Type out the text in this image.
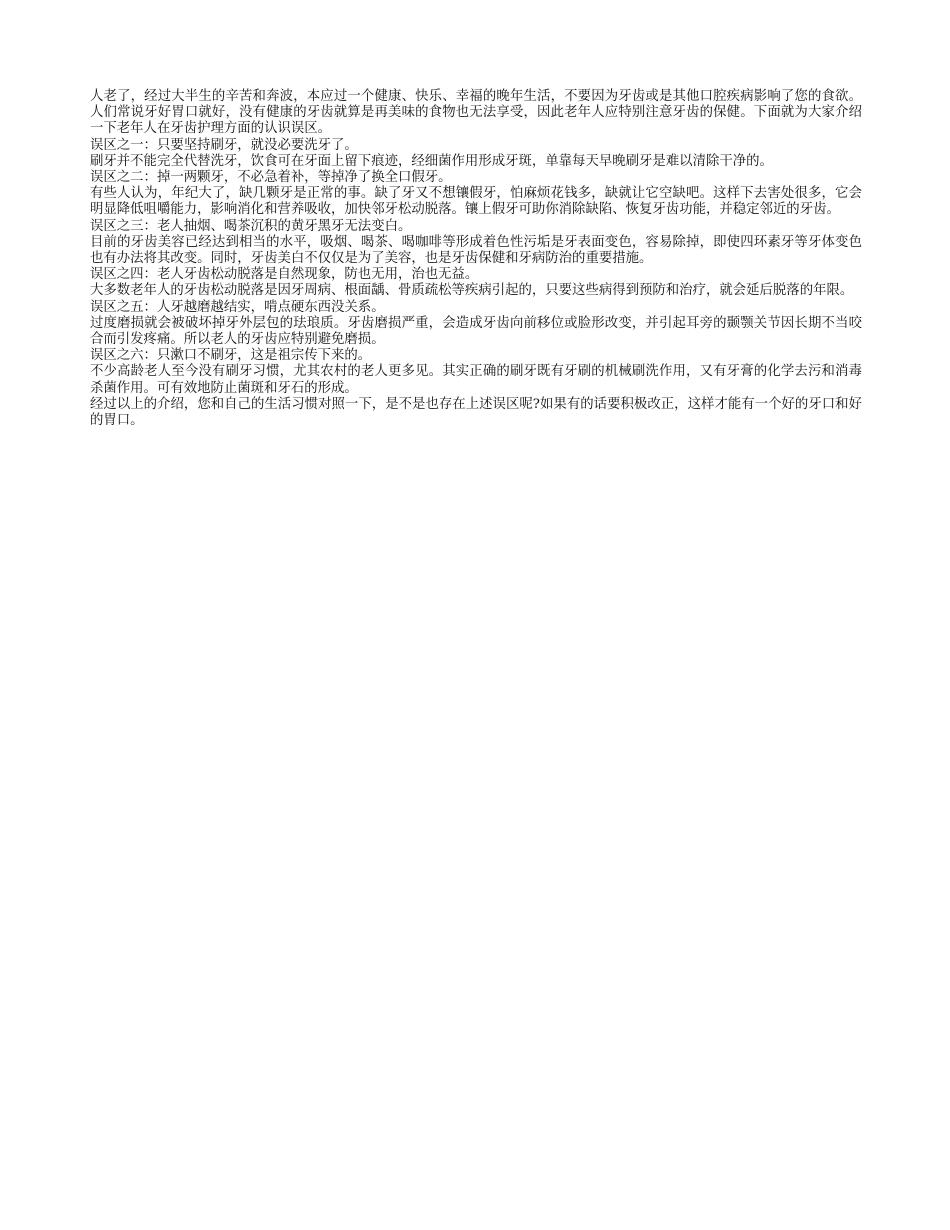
人老了，经过大半生的辛苦和奔波，本应过一个健康、快乐、幸福的晚年生活，不要因为牙齿或是其他口腔疾病影响了您的食欲。人们常说牙好胃口就好，没有健康的牙齿就算是再美味的食物也无法享受，因此老年人应特别注意牙齿的保健。下面就为大家介绍一下老年人在牙齿护理方面的认识误区。

误区之一：只要坚持刷牙，就没必要洗牙了。

刷牙并不能完全代替洗牙，饮食可在牙面上留下痕迹，经细菌作用形成牙斑，单靠每天早晚刷牙是难以清除干净的。

误区之二：掉一两颗牙，不必急着补，等掉净了换全口假牙。

有些人认为，年纪大了，缺几颗牙是正常的事。缺了牙又不想镶假牙，怕麻烦花钱多，缺就让它空缺吧。这样下去害处很多，它会明显降低咀嚼能力，影响消化和营养吸收，加快邻牙松动脱落。镶上假牙可助你消除缺陷、恢复牙齿功能，并稳定邻近的牙齿。

误区之三：老人抽烟、喝茶沉积的黄牙黑牙无法变白。

目前的牙齿美容已经达到相当的水平，吸烟、喝茶、喝咖啡等形成着色性污垢是牙表面变色，容易除掉，即使四环素牙等牙体变色也有办法将其改变。同时，牙齿美白不仅仅是为了美容，也是牙齿保健和牙病防治的重要措施。

误区之四：老人牙齿松动脱落是自然现象，防也无用，治也无益。

大多数老年人的牙齿松动脱落是因牙周病、根面龋、骨质疏松等疾病引起的，只要这些病得到预防和治疗，就会延后脱落的年限。

误区之五：人牙越磨越结实，啃点硬东西没关系。

过度磨损就会被破坏掉牙外层包的珐琅质。牙齿磨损严重，会造成牙齿向前移位或脸形改变，并引起耳旁的颞颚关节因长期不当咬合而引发疼痛。所以老人的牙齿应特别避免磨损。

误区之六：只漱口不刷牙，这是祖宗传下来的。

不少高龄老人至今没有刷牙习惯，尤其农村的老人更多见。其实正确的刷牙既有牙刷的机械刷洗作用，又有牙膏的化学去污和消毒杀菌作用。可有效地防止菌斑和牙石的形成。

经过以上的介绍，您和自己的生活习惯对照一下，是不是也存在上述误区呢?如果有的话要积极改正，这样才能有一个好的牙口和好的胃口。
